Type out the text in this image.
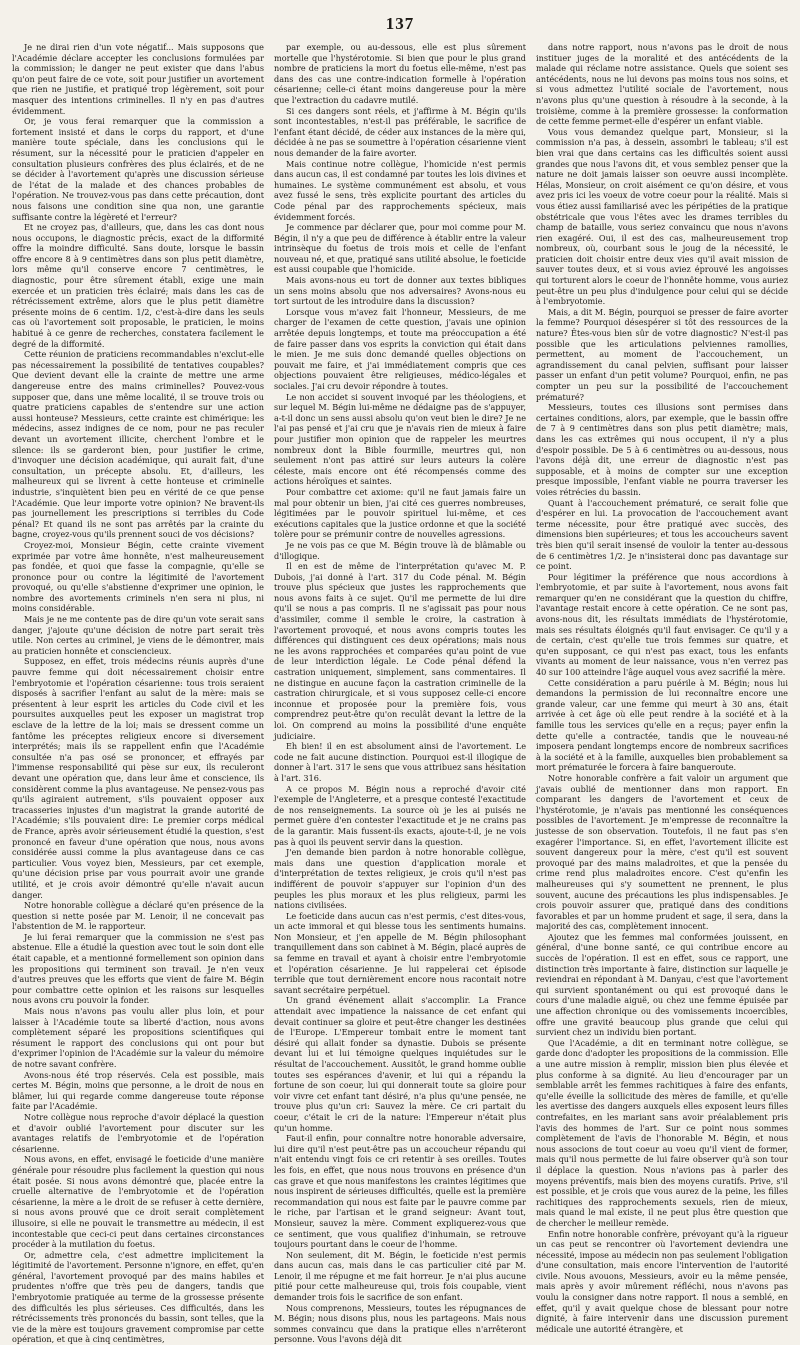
137

Je ne dirai rien d'un vote négatif... Mais supposons que l'Académie déclare accepter les conclusions formulées par la commission; le danger ne peut exister que dans l'abus qu'on peut faire de ce vote, soit pour justifier un avortement que rien ne justifie, et pratiqué trop légèrement, soit pour masquer des intentions criminelles. Il n'y en pas d'autres évidemment.

Or, je vous ferai remarquer que la commission a fortement insisté et dans le corps du rapport, et d'une manière toute spéciale, dans les conclusions qui le résument, sur la nécessité pour le praticien d'appeler en consultation plusieurs confrères des plus éclairés, et de ne se décider à l'avortement qu'après une discussion sérieuse de l'état de la malade et des chances probables de l'opération. Ne trouvez-vous pas dans cette précaution, dont nous faisons une condition sine qua non, une garantie suffisante contre la légèreté et l'erreur?

Et ne croyez pas, d'ailleurs, que, dans les cas dont nous nous occupons, le diagnostic précis, exact de la difformité offre la moindre difficulté. Sans doute, lorsque le bassin offre encore 8 à 9 centimètres dans son plus petit diamètre, lors même qu'il conserve encore 7 centimètres, le diagnostic, pour être sûrement établi, exige une main exercée et un praticien très éclairé; mais dans les cas de rétrécissement extrême, alors que le plus petit diamètre présente moins de 6 centim. 1/2, c'est-à-dire dans les seuls cas où l'avortement soit proposable, le praticien, le moins habitué à ce genre de recherches, constatera facilement le degré de la difformité.

Cette réunion de praticiens recommandables n'exclut-elle pas nécessairement la possibilité de tentatives coupables? Que devient devant elle la crainte de mettre une arme dangereuse entre des mains criminelles? Pouvez-vous supposer que, dans une même localité, il se trouve trois ou quatre praticiens capables de s'entendre sur une action aussi honteuse? Messieurs, cette crainte est chimérique: les médecins, assez indignes de ce nom, pour ne pas reculer devant un avortement illicite, cherchent l'ombre et le silence: ils se garderont bien, pour justifier le crime, d'invoquer une décision académique, qui aurait fait, d'une consultation, un précepte absolu. Et, d'ailleurs, les malheureux qui se livrent à cette honteuse et criminelle industrie, s'inquiètent bien peu en vérité de ce que pense l'Académie. Que leur importe votre opinion? Ne bravent-ils pas journellement les prescriptions si terribles du Code pénal? Et quand ils ne sont pas arrêtés par la crainte du bagne, croyez-vous qu'ils prennent souci de vos décisions?

Croyez-moi, Monsieur Bégin, cette crainte vivement exprimée par votre âme honnête, n'est malheureusement pas fondée, et quoi que fasse la compagnie, qu'elle se prononce pour ou contre la légitimité de l'avortement provoqué, ou qu'elle s'abstienne d'exprimer une opinion, le nombre des avortements criminels n'en sera ni plus, ni moins considérable.

Mais je ne me contente pas de dire qu'un vote serait sans danger, j'ajoute qu'une décision de notre part serait très utile. Non certes au criminel, je viens de le démontrer, mais au praticien honnête et consciencieux.

Supposez, en effet, trois médecins réunis auprès d'une pauvre femme qui doit nécessairement choisir entre l'embryotomie et l'opération césarienne: tous trois seraient disposés à sacrifier l'enfant au salut de la mère: mais se présentent à leur esprit les articles du Code civil et les poursuites auxquelles peut les exposer un magistrat trop esclave de la lettre de la loi; mais se dressent comme un fantôme les préceptes religieux encore si diversement interprétés; mais ils se rappellent enfin que l'Académie consultée n'a pas osé se prononcer, et effrayés par l'immense responsabilité qui pèse sur eux, ils reculeront devant une opération que, dans leur âme et conscience, ils considèrent comme la plus avantageuse. Ne pensez-vous pas qu'ils agiraient autrement, s'ils pouvaient opposer aux tracasseries injustes d'un magistrat la grande autorité de l'Académie; s'ils pouvaient dire: Le premier corps médical de France, après avoir sérieusement étudié la question, s'est prononcé en faveur d'une opération que nous, nous avons considérée aussi comme la plus avantageuse dans ce cas particulier. Vous voyez bien, Messieurs, par cet exemple, qu'une décision prise par vous pourrait avoir une grande utilité, et je crois avoir démontré qu'elle n'avait aucun danger.

Notre honorable collègue a déclaré qu'en présence de la question si nette posée par M. Lenoir, il ne concevait pas l'abstention de M. le rapporteur.

Je lui ferai remarquer que la commission ne s'est pas abstenue. Elle a étudié la question avec tout le soin dont elle était capable, et a mentionné formellement son opinion dans les propositions qui terminent son travail. Je n'en veux d'autres preuves que les efforts que vient de faire M. Bégin pour combattre cette opinion et les raisons sur lesquelles nous avons cru pouvoir la fonder.

Mais nous n'avons pas voulu aller plus loin, et pour laisser à l'Académie toute sa liberté d'action, nous avons complètement séparé les propositions scientifiques qui résument le rapport des conclusions qui ont pour but d'exprimer l'opinion de l'Académie sur la valeur du mémoire de notre savant confrère.

Avons-nous été trop réservés. Cela est possible, mais certes M. Bégin, moins que personne, a le droit de nous en blâmer, lui qui regarde comme dangereuse toute réponse faite par l'Académie.

Notre collègue nous reproche d'avoir déplacé la question et d'avoir oublié l'avortement pour discuter sur les avantages relatifs de l'embryotomie et de l'opération césarienne.

Nous avons, en effet, envisagé le foeticide d'une manière générale pour résoudre plus facilement la question qui nous était posée. Si nous avons démontré que, placée entre la cruelle alternative de l'embryotomie et de l'opération césarienne, la mère a le droit de se refuser à cette dernière, si nous avons prouvé que ce droit serait complètement illusoire, si elle ne pouvait le transmettre au médecin, il est incontestable que ceci-ci peut dans certaines circonstances procéder à la mutilation du foetus.

Or, admettre cela, c'est admettre implicitement la légitimité de l'avortement. Personne n'ignore, en effet, qu'en général, l'avortement provoqué par des mains habiles et prudentes n'offre que très peu de dangers, tandis que l'embryotomie pratiquée au terme de la grossesse présente des difficultés les plus sérieuses. Ces difficultés, dans les rétrécissements très prononcés du bassin, sont telles, que la vie de la mère est toujours gravement compromise par cette opération, et que à cinq centimètres,

par exemple, ou au-dessous, elle est plus sûrement mortelle que l'hystérotomie. Si bien que pour le plus grand nombre de praticiens la mort du foetus elle-même, n'est pas dans des cas une contre-indication formelle à l'opération césarienne; celle-ci étant moins dangereuse pour la mère que l'extraction du cadavre mutilé.

Si ces dangers sont réels, et j'affirme à M. Bégin qu'ils sont incontestables, n'est-il pas préférable, le sacrifice de l'enfant étant décidé, de céder aux instances de la mère qui, décidée à ne pas se soumettre à l'opération césarienne vient nous demander de la faire avorter.

Mais continue notre collègue, l'homicide n'est permis dans aucun cas, il est condamné par toutes les lois divines et humaines. Le système communément est absolu, et vous avez fussé le sens, très explicite pourtant des articles du Code pénal par des rapprochements spécieux, mais évidemment forcés.

Je commence par déclarer que, pour moi comme pour M. Bégin, il n'y a que peu de différence à établir entre la valeur intrinsèque du foetus de trois mois et celle de l'enfant nouveau né, et que, pratiqué sans utilité absolue, le foeticide est aussi coupable que l'homicide.

Mais avons-nous eu tort de donner aux textes bibliques un sens moins absolu que nos adversaires? Avons-nous eu tort surtout de les introduire dans la discussion?

Lorsque vous m'avez fait l'honneur, Messieurs, de me charger de l'examen de cette question, j'avais une opinion arrêtée depuis longtemps, et toute ma préoccupation a été de faire passer dans vos esprits la conviction qui était dans le mien. Je me suis donc demandé quelles objections on pouvait me faire, et j'ai immédiatement compris que ces objections pouvaient être religieuses, médico-légales et sociales. J'ai cru devoir répondre à toutes.

Le non accidet si souvent invoqué par les théologiens, et sur lequel M. Bégin lui-même ne dédaigne pas de s'appuyer, a-t-il donc un sens aussi absolu qu'on veut bien le dire? Je ne l'ai pas pensé et j'ai cru que je n'avais rien de mieux à faire pour justifier mon opinion que de rappeler les meurtres nombreux dont la Bible fourmille, meurtres qui, non seulement n'ont pas attiré sur leurs auteurs la colère céleste, mais encore ont été récompensés comme des actions héroïques et saintes.

Pour combattre cet axiome: qu'il ne faut jamais faire un mal pour obtenir un bien, j'ai cité ces guerres nombreuses, légitimées par le pouvoir spirituel lui-même, et ces exécutions capitales que la justice ordonne et que la société tolère pour se prémunir contre de nouvelles agressions.

Je ne vois pas ce que M. Bégin trouve là de blâmable ou d'illogique.

Il en est de même de l'interprétation qu'avec M. P. Dubois, j'ai donné à l'art. 317 du Code pénal. M. Bégin trouve plus spécieux que justes les rapprochements que nous avons faits à ce sujet. Qu'il me permette de lui dire qu'il se nous a pas compris. Il ne s'agissait pas pour nous d'assimiler, comme il semble le croire, la castration à l'avortement provoqué, et nous avons compris toutes les différences qui distinguent ces deux opérations; mais nous ne les avons rapprochées et comparées qu'au point de vue de leur interdiction légale. Le Code pénal défend la castration uniquement, simplement, sans commentaires. Il ne distingue en aucune façon la castration criminelle de la castration chirurgicale, et si vous supposez celle-ci encore inconnue et proposée pour la première fois, vous comprendrez peut-être qu'on reculât devant la lettre de la loi. On comprend au moins la possibilité d'une enquête judiciaire.

Eh bien! il en est absolument ainsi de l'avortement. Le code ne fait aucune distinction. Pourquoi est-il illogique de donner à l'art. 317 le sens que vous attribuez sans hésitation à l'art. 316.

A ce propos M. Bégin nous a reproché d'avoir cité l'exemple de l'Angleterre, et a presque contesté l'exactitude de nos renseignements. La source où je les ai puisés ne permet guère d'en contester l'exactitude et je ne crains pas de la garantir. Mais fussent-ils exacts, ajoute-t-il, je ne vois pas à quoi ils peuvent servir dans la question.

J'en demande bien pardon à notre honorable collègue, mais dans une question d'application morale et d'interprétation de textes religieux, je crois qu'il n'est pas indifférent de pouvoir s'appuyer sur l'opinion d'un des peuples les plus moraux et les plus religieux, parmi les nations civilisées.

Le foeticide dans aucun cas n'est permis, c'est dites-vous, un acte immoral et qui blesse tous les sentiments humains. Non Monsieur, et j'en appelle de M. Bégin philosophant tranquillement dans son cabinet à M. Bégin, placé auprès de sa femme en travail et ayant à choisir entre l'embryotomie et l'opération césarienne. Je lui rappelerai cet épisode terrible que tout dernièrement encore nous racontait notre savant secrétaire perpétuel.

Un grand événement allait s'accomplir. La France attendait avec impatience la naissance de cet enfant qui devait continuer sa gloire et peut-être changer les destinées de l'Europe. L'Empereur tombait entre le moment tant désiré qui allait fonder sa dynastie. Dubois se présente devant lui et lui témoigne quelques inquiétudes sur le résultat de l'accouchement. Aussitôt, le grand homme oublie toutes ses espérances d'avenir, et lui qui a répandu la fortune de son coeur, lui qui donnerait toute sa gloire pour voir vivre cet enfant tant désiré, n'a plus qu'une pensée, ne trouve plus qu'un cri: Sauvez la mère. Ce cri partait du coeur, c'était le cri de la nature: l'Empereur n'était plus qu'un homme.

Faut-il enfin, pour connaître notre honorable adversaire, lui dire qu'il n'est peut-être pas un accoucheur répandu qui n'ait entendu vingt fois ce cri retentir à ses oreilles. Toutes les fois, en effet, que nous nous trouvons en présence d'un cas grave et que nous manifestons les craintes légitimes que nous inspirent de sérieuses difficultés, quelle est la première recommandation qui nous est faite par le pauvre comme par le riche, par l'artisan et le grand seigneur: Avant tout, Monsieur, sauvez la mère. Comment expliquerez-vous que ce sentiment, que vous qualifiez d'inhumain, se retrouve toujours pourtant dans le coeur de l'homme.

Non seulement, dit M. Bégin, le foeticide n'est permis dans aucun cas, mais dans le cas particulier cité par M. Lenoir, il me répugne et me fait horreur. Je n'ai plus aucune pitié pour cette malheureuse qui, trois fois coupable, vient demander trois fois le sacrifice de son enfant.

Nous comprenons, Messieurs, toutes les répugnances de M. Bégin; nous disons plus, nous les partageons. Mais nous sommes convaincu que dans la pratique elles n'arrêteront personne. Vous l'avons déjà dit

dans notre rapport, nous n'avons pas le droit de nous instituer juges de la moralité et des antécédents de la malade qui réclame notre assistance. Quels que soient ses antécédents, nous ne lui devons pas moins tous nos soins, et si vous admettez l'utilité sociale de l'avortement, nous n'avons plus qu'une question à résoudre à la seconde, à la troisième, comme à la première grossesse: la conformation de cette femme permet-elle d'espérer un enfant viable.

Vous vous demandez quelque part, Monsieur, si la commission n'a pas, à dessein, assombri le tableau; s'il est bien vrai que dans certains cas les difficultés soient aussi grandes que nous l'avons dit, et vous semblez penser que la nature ne doit jamais laisser son oeuvre aussi incomplète. Hélas, Monsieur, on croit aisément ce qu'on désire, et vous avez pris ici les voeux de votre coeur pour la réalité. Mais si vous étiez aussi familiarisé avec les péripéties de la pratique obstétricale que vous l'êtes avec les drames terribles du champ de bataille, vous seriez convaincu que nous n'avons rien exagéré. Oui, il est des cas, malheureusement trop nombreux, où, courbant sous le joug de la nécessité, le praticien doit choisir entre deux vies qu'il avait mission de sauver toutes deux, et si vous aviez éprouvé les angoisses qui torturent alors le coeur de l'honnête homme, vous auriez peut-être un peu plus d'indulgence pour celui qui se décide à l'embryotomie.

Mais, a dit M. Bégin, pourquoi se presser de faire avorter la femme? Pourquoi désespérer si tôt des ressources de la nature? Êtes-vous bien sûr de votre diagnostic? N'est-il pas possible que les articulations pelviennes ramollies, permettent, au moment de l'accouchement, un agrandissement du canal pelvien, suffisant pour laisser passer un enfant d'un petit volume? Pourquoi, enfin, ne pas compter un peu sur la possibilité de l'accouchement prématuré?

Messieurs, toutes ces illusions sont permises dans certaines conditions, alors, par exemple, que le bassin offre de 7 à 9 centimètres dans son plus petit diamètre; mais, dans les cas extrêmes qui nous occupent, il n'y a plus d'espoir possible. De 5 à 6 centimètres ou au-dessous, nous l'avons déjà dit, une erreur de diagnostic n'est pas supposable, et à moins de compter sur une exception presque impossible, l'enfant viable ne pourra traverser les voies rétrécies du bassin.

Quant à l'accouchement prématuré, ce serait folie que d'espérer en lui. La provocation de l'accouchement avant terme nécessite, pour être pratiqué avec succès, des dimensions bien supérieures; et tous les accoucheurs savent très bien qu'il serait insensé de vouloir la tenter au-dessous de 6 centimètres 1/2. Je n'insisterai donc pas davantage sur ce point.

Pour légitimer la préférence que nous accordions à l'embryotomie, et par suite à l'avortement, nous avons fait remarquer qu'en ne considérant que la question du chiffre, l'avantage restait encore à cette opération. Ce ne sont pas, avons-nous dit, les résultats immédiats de l'hystérotomie, mais ses résultats éloignés qu'il faut envisager. Ce qu'il y a de certain, c'est qu'elle tue trois femmes sur quatre, et qu'en supposant, ce qui n'est pas exact, tous les enfants vivants au moment de leur naissance, vous n'en verrez pas 40 sur 100 atteindre l'âge auquel vous avez sacrifié la mère.

Cette considération a paru puérile à M. Bégin; nous lui demandons la permission de lui reconnaître encore une grande valeur, car une femme qui meurt à 30 ans, était arrivée à cet âge où elle peut rendre à la société et à la famille tous les services qu'elle en a reçus; payer enfin la dette qu'elle a contractée, tandis que le nouveau-né imposera pendant longtemps encore de nombreux sacrifices à la société et à la famille, auxquelles bien probablement sa mort prématurée le forcera à faire banqueroute.

Notre honorable confrère a fait valoir un argument que j'avais oublié de mentionner dans mon rapport. En comparant les dangers de l'avortement et ceux de l'hystérotomie, je n'avais pas mentionné les conséquences possibles de l'avortement. Je m'empresse de reconnaître la justesse de son observation. Toutefois, il ne faut pas s'en exagérer l'importance. Si, en effet, l'avortement illicite est souvent dangereux pour la mère, c'est qu'il est souvent provoqué par des mains maladroites, et que la pensée du crime rend plus maladroites encore. C'est qu'enfin les malheureuses qui s'y soumettent ne prennent, le plus souvent, aucune des précautions les plus indispensables. Je crois pouvoir assurer que, pratiqué dans des conditions favorables et par un homme prudent et sage, il sera, dans la majorité des cas, complètement innocent.

Ajoutez que les femmes mal conformées jouissent, en général, d'une bonne santé, ce qui contribue encore au succès de l'opération. Il est en effet, sous ce rapport, une distinction très importante à faire, distinction sur laquelle je reviendrai en répondant à M. Danyau, c'est que l'avortement qui survient spontanément ou qui est provoqué dans le cours d'une maladie aiguë, ou chez une femme épuisée par une affection chronique ou des vomissements incoercibles, offre une gravité beaucoup plus grande que celui qui survient chez un individu bien portant.

Que l'Académie, a dit en terminant notre collègue, se garde donc d'adopter les propositions de la commission. Elle a une autre mission à remplir, mission bien plus élevée et plus conforme à sa dignité. Au lieu d'encourager par un semblable arrêt les femmes rachitiques à faire des enfants, qu'elle éveille la sollicitude des mères de famille, et qu'elle les avertisse des dangers auxquels elles exposent leurs filles contrefaites, en les mariant sans avoir préalablement pris l'avis des hommes de l'art. Sur ce point nous sommes complètement de l'avis de l'honorable M. Bégin, et nous nous associons de tout coeur au voeu qu'il vient de former, mais qu'il nous permette de lui faire observer qu'à son tour il déplace la question. Nous n'avions pas à parler des moyens préventifs, mais bien des moyens curatifs. Prive, s'il est possible, et je crois que vous aurez de la peine, les filles rachitiques des rapprochements sexuels, rien de mieux, mais quand le mal existe, il ne peut plus être question que de chercher le meilleur remède.

Enfin notre honorable confrère, prévoyant qu'à la rigueur un cas peut se rencontrer où l'avortement deviendra une nécessité, impose au médecin non pas seulement l'obligation d'une consultation, mais encore l'intervention de l'autorité civile. Nous avouons, Messieurs, avoir eu la même pensée, mais après y avoir mûrement réfléchi, nous n'avons pas voulu la consigner dans notre rapport. Il nous a semblé, en effet, qu'il y avait quelque chose de blessant pour notre dignité, à faire intervenir dans une discussion purement médicale une autorité étrangère, et
